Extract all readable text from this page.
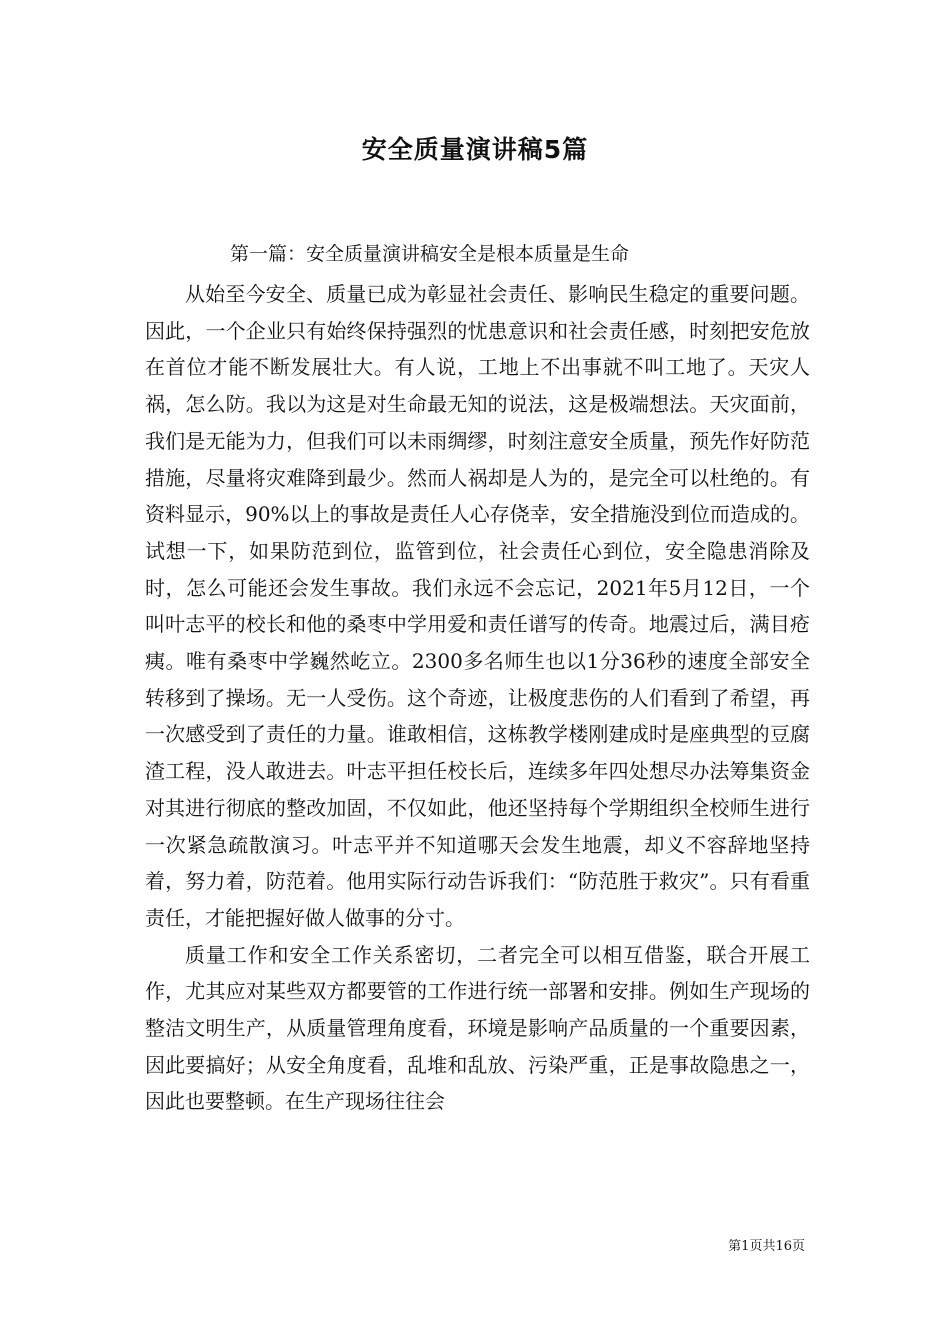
安全质量演讲稿5篇
第一篇：安全质量演讲稿安全是根本质量是生命

从始至今安全、质量已成为彰显社会责任、影响民生稳定的重要问题。因此，一个企业只有始终保持强烈的忧患意识和社会责任感，时刻把安危放在首位才能不断发展壮大。有人说，工地上不出事就不叫工地了。天灾人祸，怎么防。我以为这是对生命最无知的说法，这是极端想法。天灾面前，我们是无能为力，但我们可以未雨绸缪，时刻注意安全质量，预先作好防范措施，尽量将灾难降到最少。然而人祸却是人为的，是完全可以杜绝的。有资料显示，90%以上的事故是责任人心存侥幸，安全措施没到位而造成的。试想一下，如果防范到位，监管到位，社会责任心到位，安全隐患消除及时，怎么可能还会发生事故。我们永远不会忘记，2021年5月12日，一个叫叶志平的校长和他的桑枣中学用爱和责任谱写的传奇。地震过后，满目疮痍。唯有桑枣中学巍然屹立。2300多名师生也以1分36秒的速度全部安全转移到了操场。无一人受伤。这个奇迹，让极度悲伤的人们看到了希望，再一次感受到了责任的力量。谁敢相信，这栋教学楼刚建成时是座典型的豆腐渣工程，没人敢进去。叶志平担任校长后，连续多年四处想尽办法筹集资金对其进行彻底的整改加固，不仅如此，他还坚持每个学期组织全校师生进行一次紧急疏散演习。叶志平并不知道哪天会发生地震，却义不容辞地坚持着，努力着，防范着。他用实际行动告诉我们：“防范胜于救灾”。只有看重责任，才能把握好做人做事的分寸。

质量工作和安全工作关系密切，二者完全可以相互借鉴，联合开展工作，尤其应对某些双方都要管的工作进行统一部署和安排。例如生产现场的整洁文明生产，从质量管理角度看，环境是影响产品质量的一个重要因素，因此要搞好；从安全角度看，乱堆和乱放、污染严重，正是事故隐患之一，因此也要整顿。在生产现场往往会

第1页共16页
